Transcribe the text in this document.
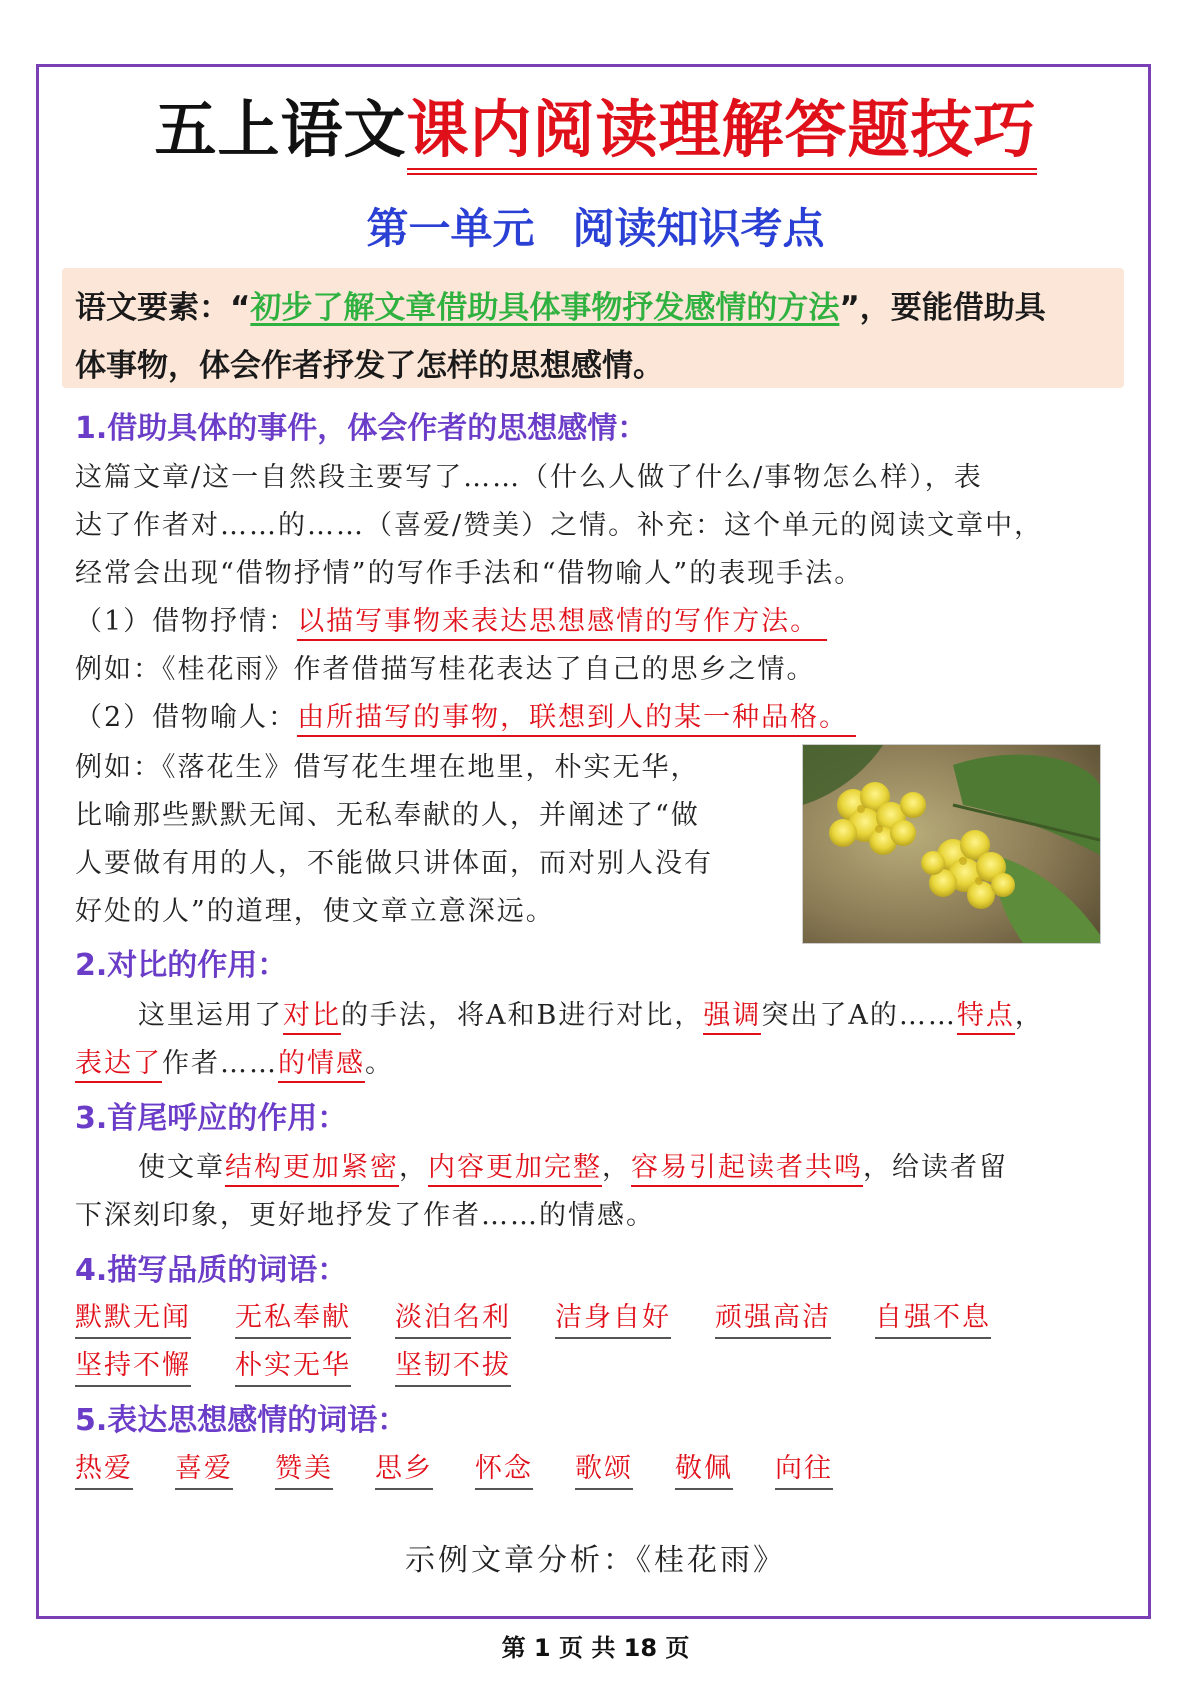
五上语文课内阅读理解答题技巧
第一单元 阅读知识考点
语文要素：“初步了解文章借助具体事物抒发感情的方法”，要能借助具
体事物，体会作者抒发了怎样的思想感情。
1.借助具体的事件，体会作者的思想感情：
这篇文章/这一自然段主要写了……（什么人做了什么/事物怎么样），表
达了作者对……的……（喜爱/赞美）之情。补充：这个单元的阅读文章中，
经常会出现“借物抒情”的写作手法和“借物喻人”的表现手法。
（1）借物抒情：以描写事物来表达思想感情的写作方法。
例如：《桂花雨》作者借描写桂花表达了自己的思乡之情。
（2）借物喻人：由所描写的事物，联想到人的某一种品格。
例如：《落花生》借写花生埋在地里，朴实无华，
比喻那些默默无闻、无私奉献的人，并阐述了“做
人要做有用的人，不能做只讲体面，而对别人没有
好处的人”的道理，使文章立意深远。
2.对比的作用：
这里运用了对比的手法，将A和B进行对比，强调突出了A的……特点，
表达了作者……的情感。
3.首尾呼应的作用：
使文章结构更加紧密，内容更加完整，容易引起读者共鸣，给读者留
下深刻印象，更好地抒发了作者……的情感。
4.描写品质的词语：
默默无闻 无私奉献 淡泊名利 洁身自好 顽强高洁 自强不息
坚持不懈 朴实无华 坚韧不拔
5.表达思想感情的词语：
热爱 喜爱 赞美 思乡 怀念 歌颂 敬佩 向往
示例文章分析：《桂花雨》
第 1 页 共 18 页
